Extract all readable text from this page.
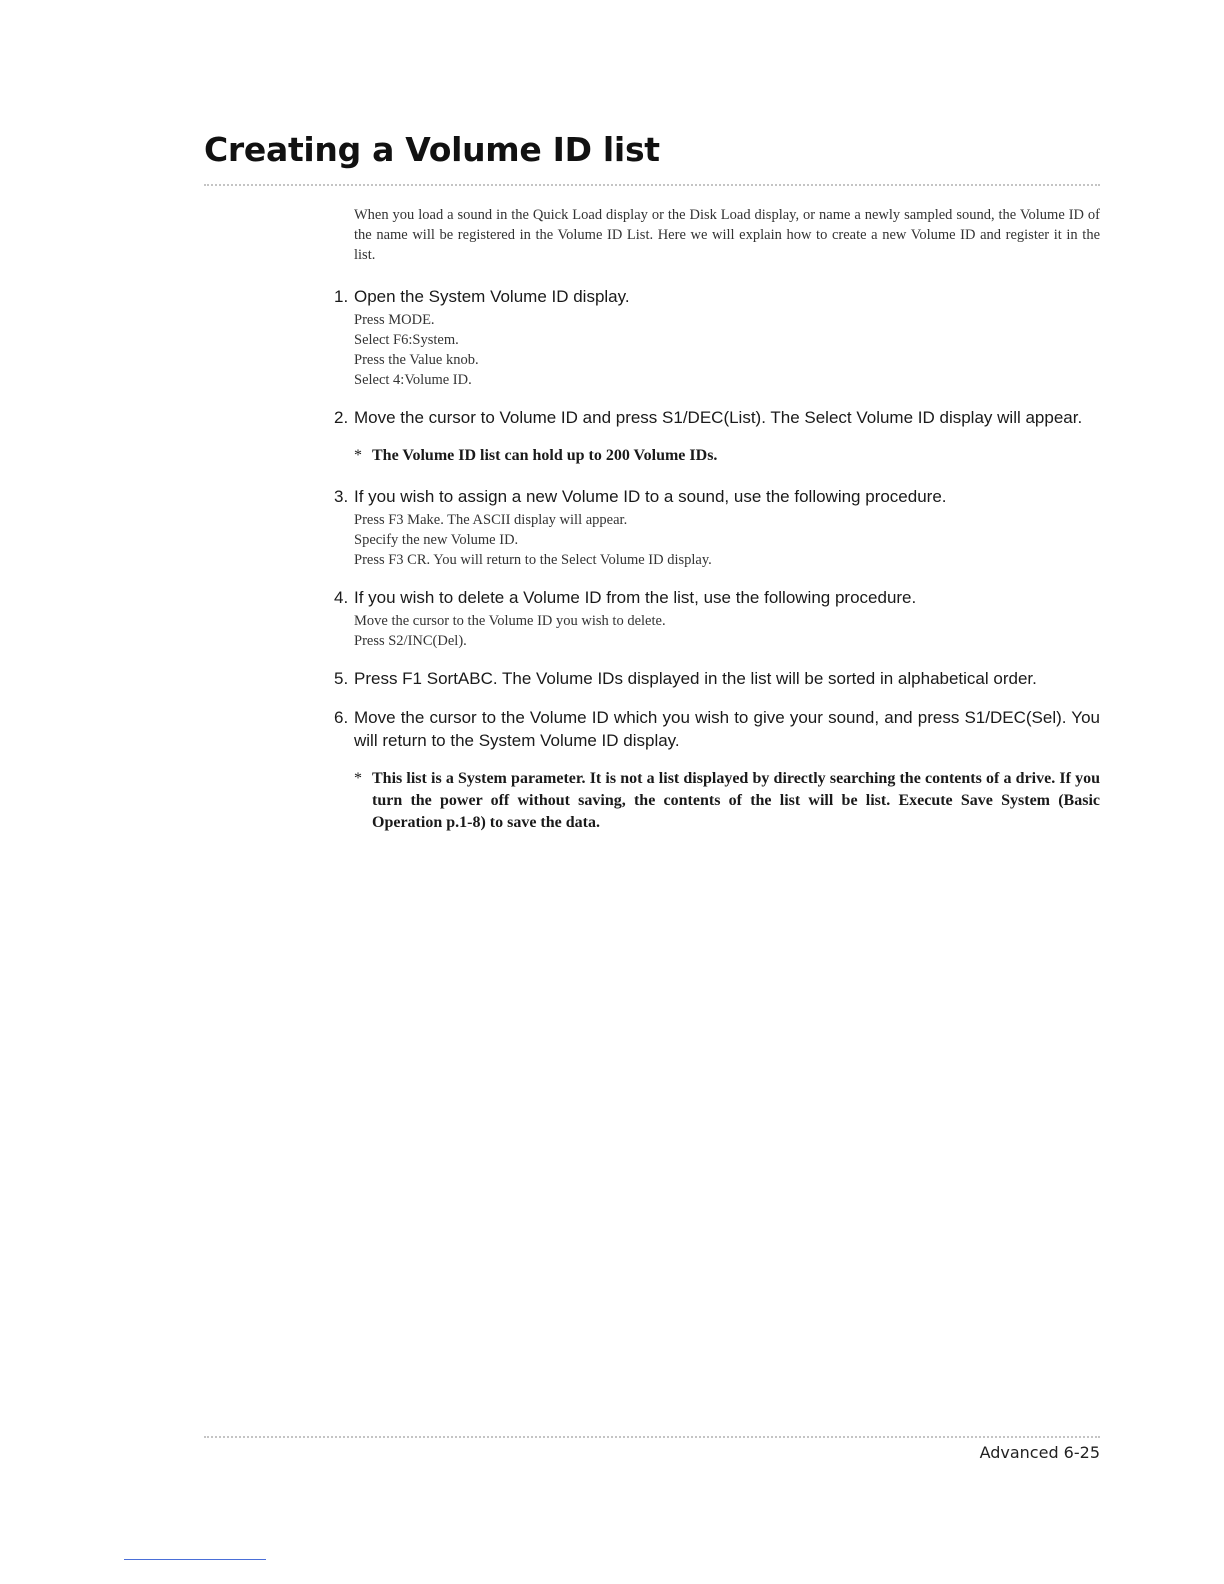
Creating a Volume ID list

When you load a sound in the Quick Load display or the Disk Load display, or name a newly sampled sound, the Volume ID of the name will be registered in the Volume ID List. Here we will explain how to create a new Volume ID and register it in the list.

1. Open the System Volume ID display.

Press MODE.
Select F6:System.
Press the Value knob.
Select 4:Volume ID.
2. Move the cursor to Volume ID and press S1/DEC(List). The Select Volume ID display will appear.

* The Volume ID list can hold up to 200 Volume IDs.
3. If you wish to assign a new Volume ID to a sound, use the following procedure.

Press F3 Make. The ASCII display will appear.
Specify the new Volume ID.
Press F3 CR. You will return to the Select Volume ID display.
4. If you wish to delete a Volume ID from the list, use the following procedure.

Move the cursor to the Volume ID you wish to delete.
Press S2/INC(Del).
5. Press F1 SortABC. The Volume IDs displayed in the list will be sorted in alphabetical order.

6. Move the cursor to the Volume ID which you wish to give your sound, and press S1/DEC(Sel). You will return to the System Volume ID display.

* This list is a System parameter. It is not a list displayed by directly searching the contents of a drive. If you turn the power off without saving, the contents of the list will be list. Execute Save System (Basic Operation p.1-8) to save the data.
Advanced 6-25
